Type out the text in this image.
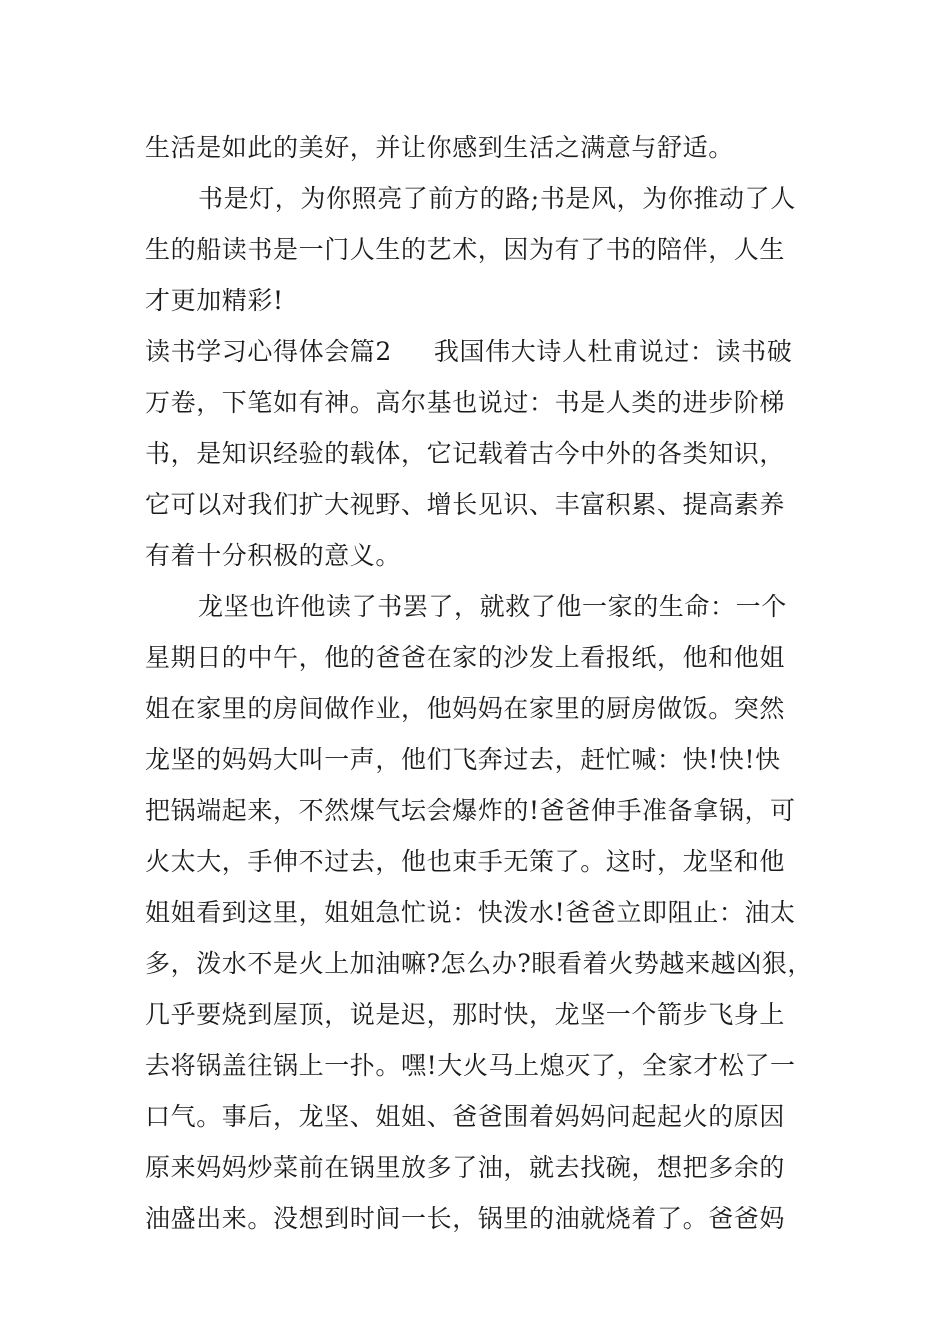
生活是如此的美好，并让你感到生活之满意与舒适。
书是灯，为你照亮了前方的路;书是风，为你推动了人
生的船读书是一门人生的艺术，因为有了书的陪伴，人生
才更加精彩!
读书学习心得体会篇2 我国伟大诗人杜甫说过：读书破
万卷，下笔如有神。高尔基也说过：书是人类的进步阶梯
书，是知识经验的载体，它记载着古今中外的各类知识，
它可以对我们扩大视野、增长见识、丰富积累、提高素养
有着十分积极的意义。
龙坚也许他读了书罢了，就救了他一家的生命：一个
星期日的中午，他的爸爸在家的沙发上看报纸，他和他姐
姐在家里的房间做作业，他妈妈在家里的厨房做饭。突然
龙坚的妈妈大叫一声，他们飞奔过去，赶忙喊：快!快!快
把锅端起来，不然煤气坛会爆炸的!爸爸伸手准备拿锅，可
火太大，手伸不过去，他也束手无策了。这时，龙坚和他
姐姐看到这里，姐姐急忙说：快泼水!爸爸立即阻止：油太
多，泼水不是火上加油嘛?怎么办?眼看着火势越来越凶狠，
几乎要烧到屋顶，说是迟，那时快，龙坚一个箭步飞身上
去将锅盖往锅上一扑。嘿!大火马上熄灭了，全家才松了一
口气。事后，龙坚、姐姐、爸爸围着妈妈问起起火的原因
原来妈妈炒菜前在锅里放多了油，就去找碗，想把多余的
油盛出来。没想到时间一长，锅里的油就烧着了。爸爸妈
